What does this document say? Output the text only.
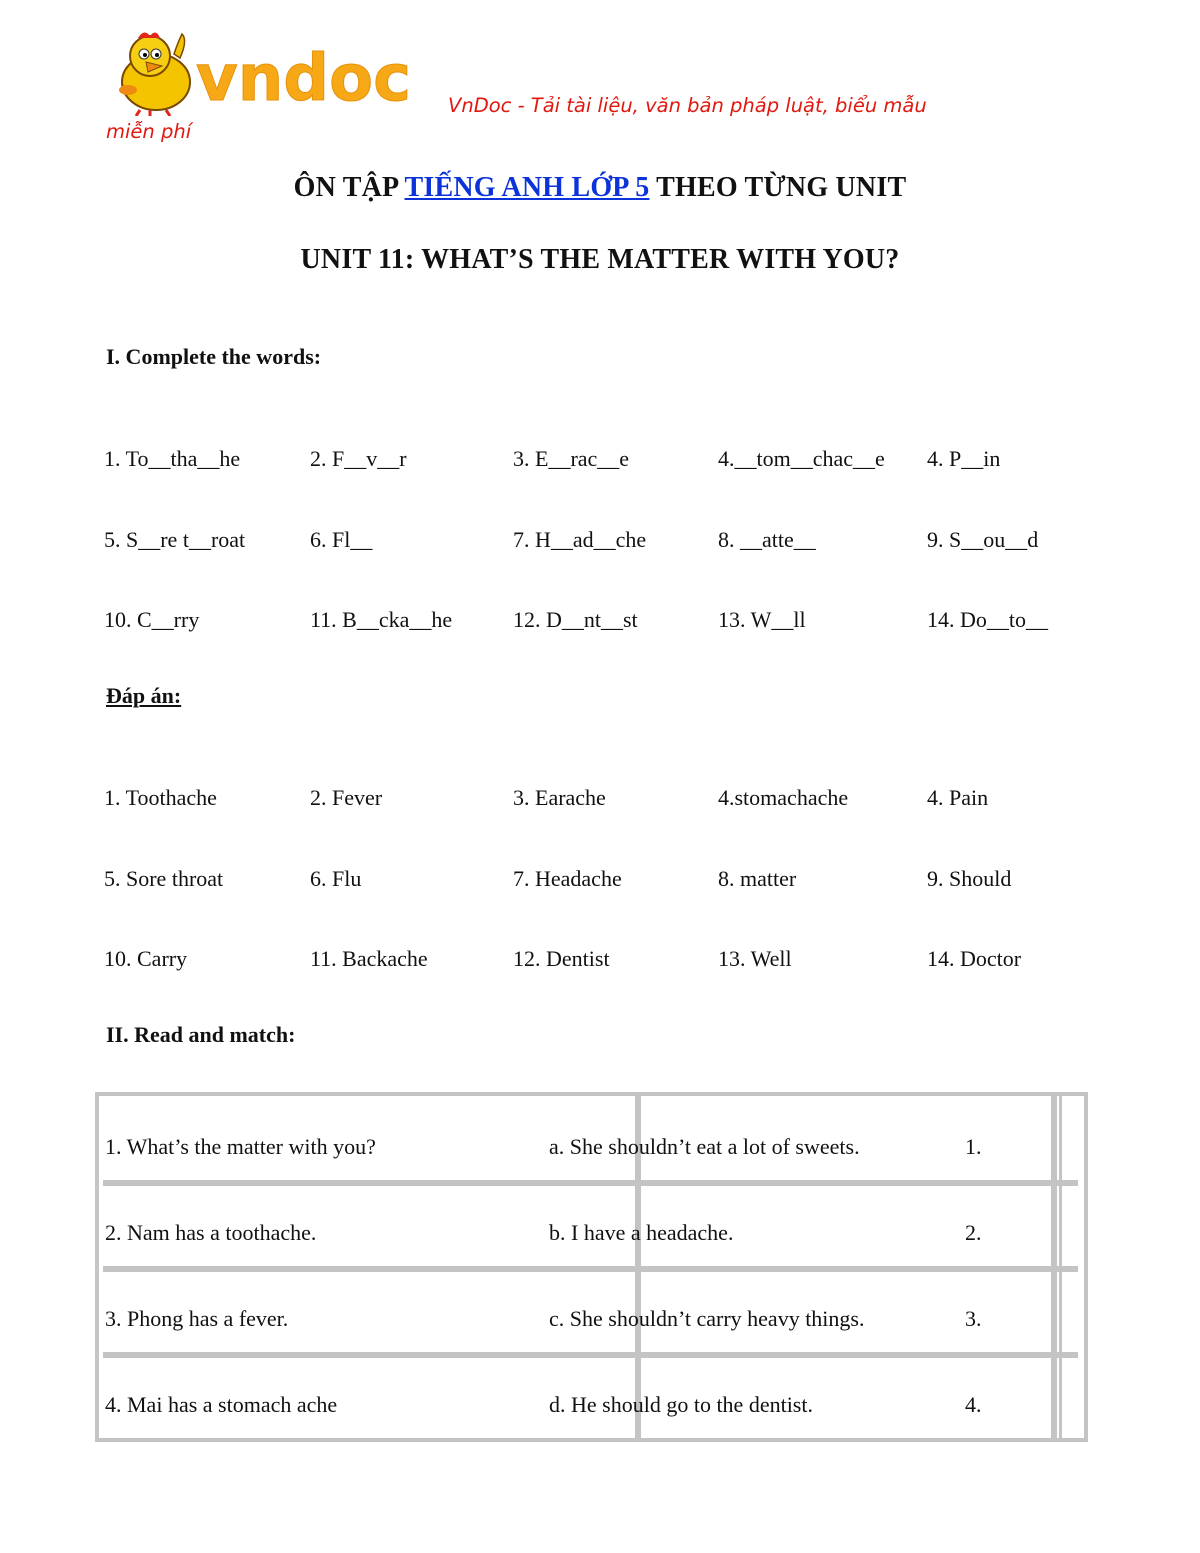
vndoc VnDoc - Tải tài liệu, văn bản pháp luật, biểu mẫu
miễn phí
ÔN TẬP TIẾNG ANH LỚP 5 THEO TỪNG UNIT
UNIT 11: WHAT’S THE MATTER WITH YOU?
I. Complete the words:
1. To__tha__he	2. F__v__r	3. E__rac__e	4.__tom__chac__e 4. P__in
5. S__re t__roat	6. Fl__	7. H__ad__che	8. __atte__	9. S__ou__d
10. C__rry	11. B__cka__he	12. D__nt__st	13. W__ll	14. Do__to__
Đáp án:
1. Toothache	2. Fever	3. Earache	4.stomachache	4. Pain
5. Sore throat	6. Flu	7. Headache	8. matter	9. Should
10. Carry	11. Backache	12. Dentist	13. Well	14. Doctor
II. Read and match:
1. What’s the matter with you?	a. She shouldn’t eat a lot of sweets.	1.
2. Nam has a toothache.	b. I have a headache.	2.
3. Phong has a fever.	c. She shouldn’t carry heavy things.	3.
4. Mai has a stomach ache	d. He should go to the dentist.	4.
